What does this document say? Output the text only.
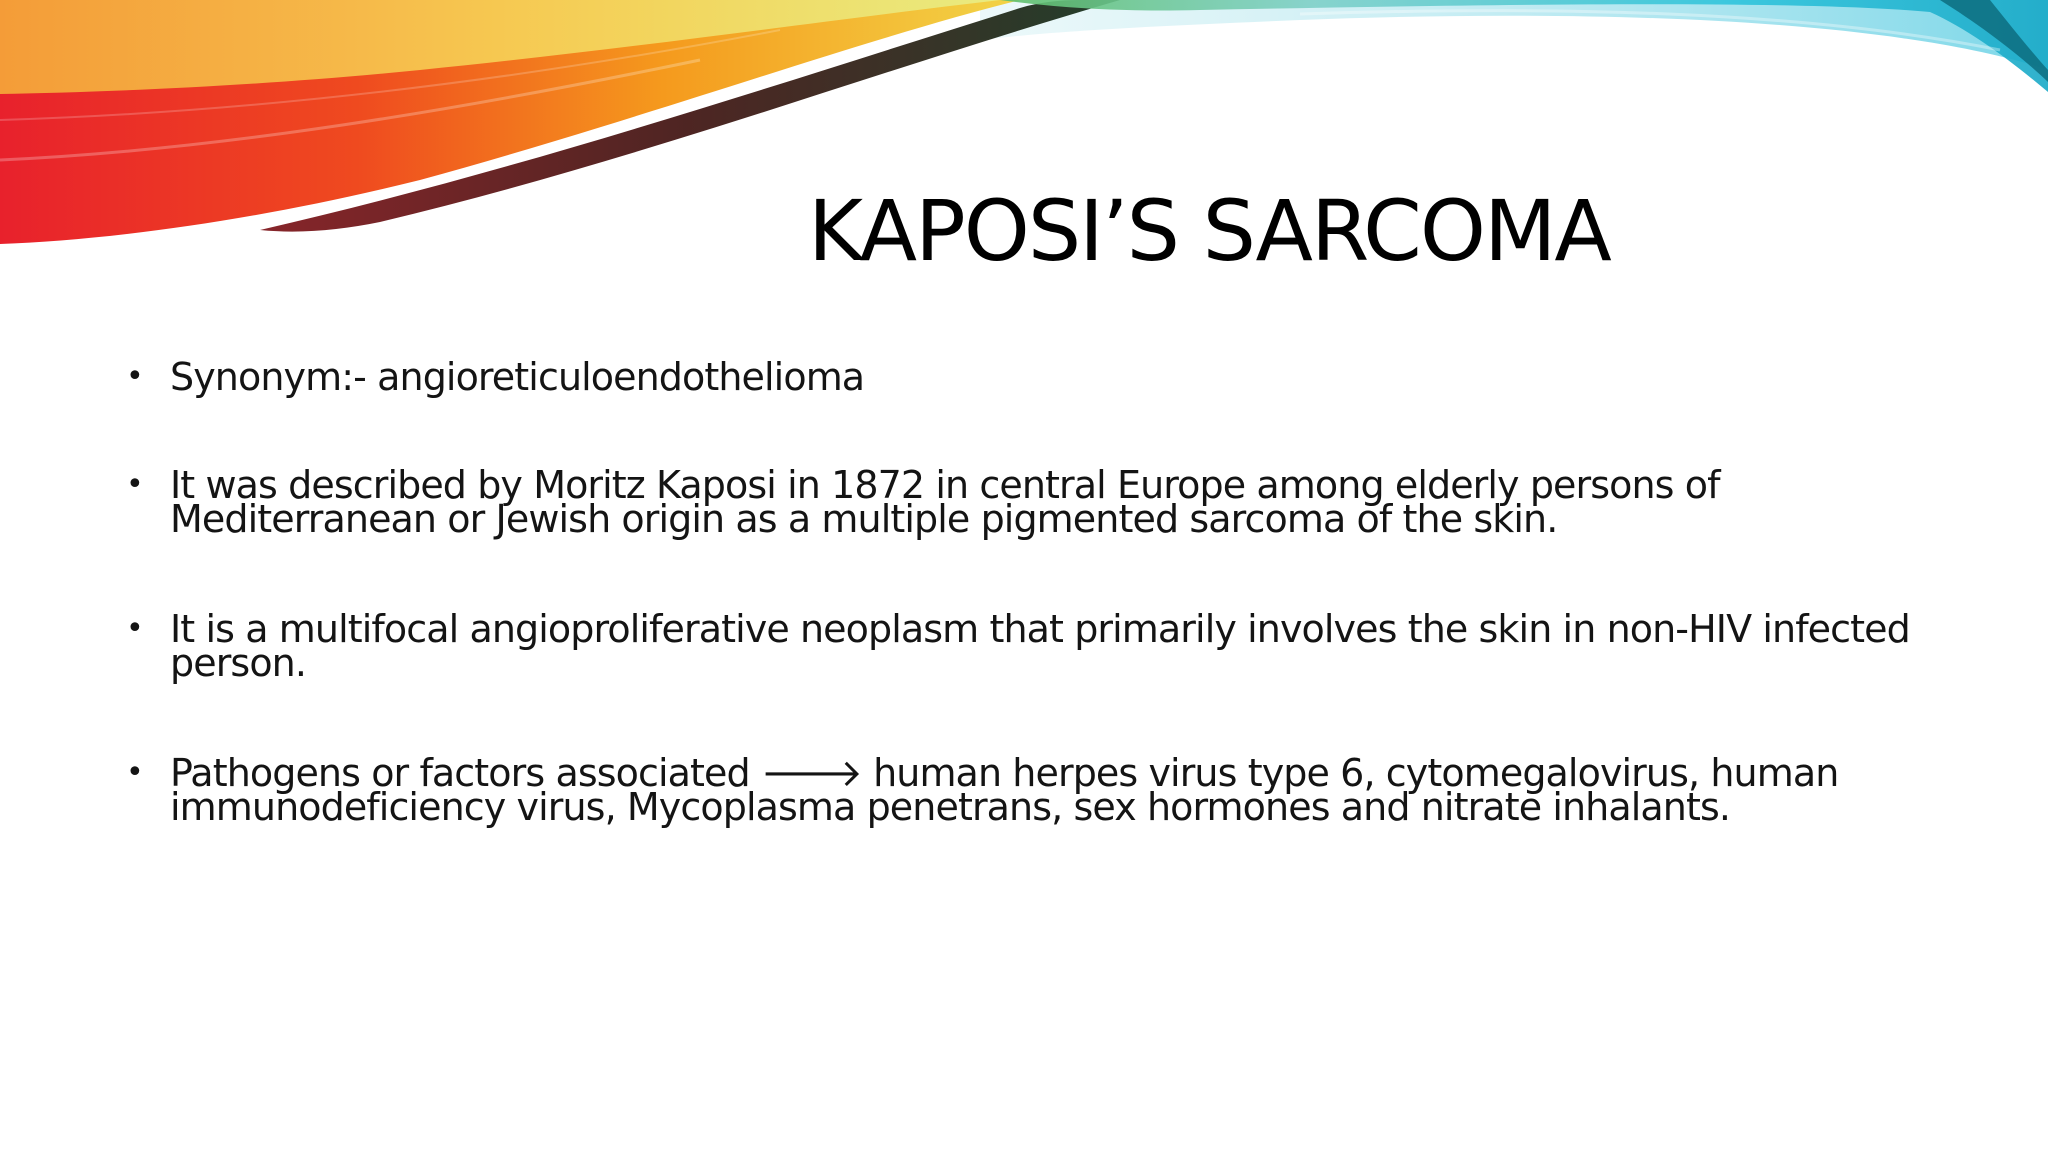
KAPOSI’S SARCOMA
• Synonym:- angioreticuloendothelioma
• It was described by Moritz Kaposi in 1872 in central Europe among elderly persons of Mediterranean or Jewish origin as a multiple pigmented sarcoma of the skin.
• It is a multifocal angioproliferative neoplasm that primarily involves the skin in non-HIV infected person.
• Pathogens or factors associated 🡒 human herpes virus type 6, cytomegalovirus, human immunodeficiency virus, Mycoplasma penetrans, sex hormones and nitrate inhalants.
